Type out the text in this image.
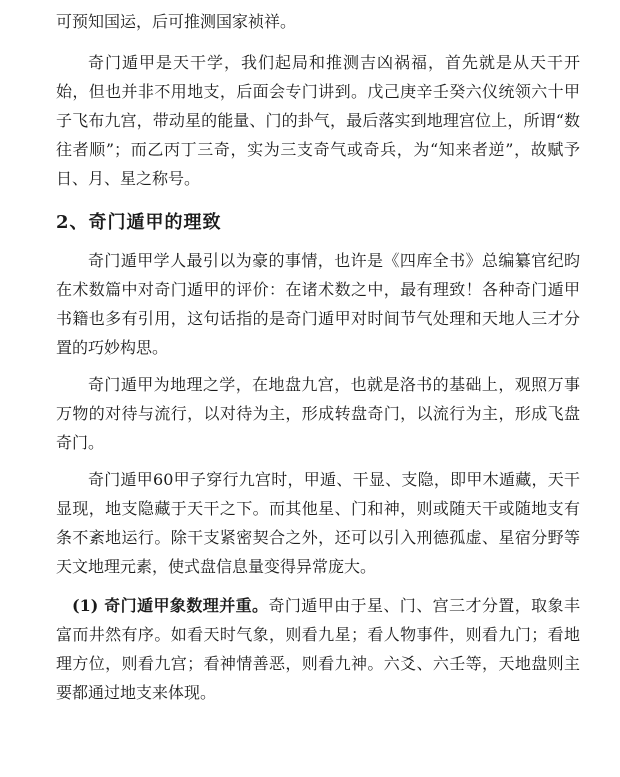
可预知国运，后可推测国家祯祥。

奇门遁甲是天干学，我们起局和推测吉凶祸福，首先就是从天干开始，但也并非不用地支，后面会专门讲到。戊己庚辛壬癸六仪统领六十甲子飞布九宫，带动星的能量、门的卦气，最后落实到地理宫位上，所谓“数往者顺”；而乙丙丁三奇，实为三支奇气或奇兵，为“知来者逆”，故赋予日、月、星之称号。

2、奇门遁甲的理致

奇门遁甲学人最引以为豪的事情，也许是《四库全书》总编纂官纪昀在术数篇中对奇门遁甲的评价：在诸术数之中，最有理致！各种奇门遁甲书籍也多有引用，这句话指的是奇门遁甲对时间节气处理和天地人三才分置的巧妙构思。

奇门遁甲为地理之学，在地盘九宫，也就是洛书的基础上，观照万事万物的对待与流行，以对待为主，形成转盘奇门，以流行为主，形成飞盘奇门。

奇门遁甲60甲子穿行九宫时，甲遁、干显、支隐，即甲木遁藏，天干显现，地支隐藏于天干之下。而其他星、门和神，则或随天干或随地支有条不紊地运行。除干支紧密契合之外，还可以引入刑德孤虚、星宿分野等天文地理元素，使式盘信息量变得异常庞大。

(1) 奇门遁甲象数理并重。奇门遁甲由于星、门、宫三才分置，取象丰富而井然有序。如看天时气象，则看九星；看人物事件，则看九门；看地理方位，则看九宫；看神情善恶，则看九神。六爻、六壬等，天地盘则主要都通过地支来体现。
